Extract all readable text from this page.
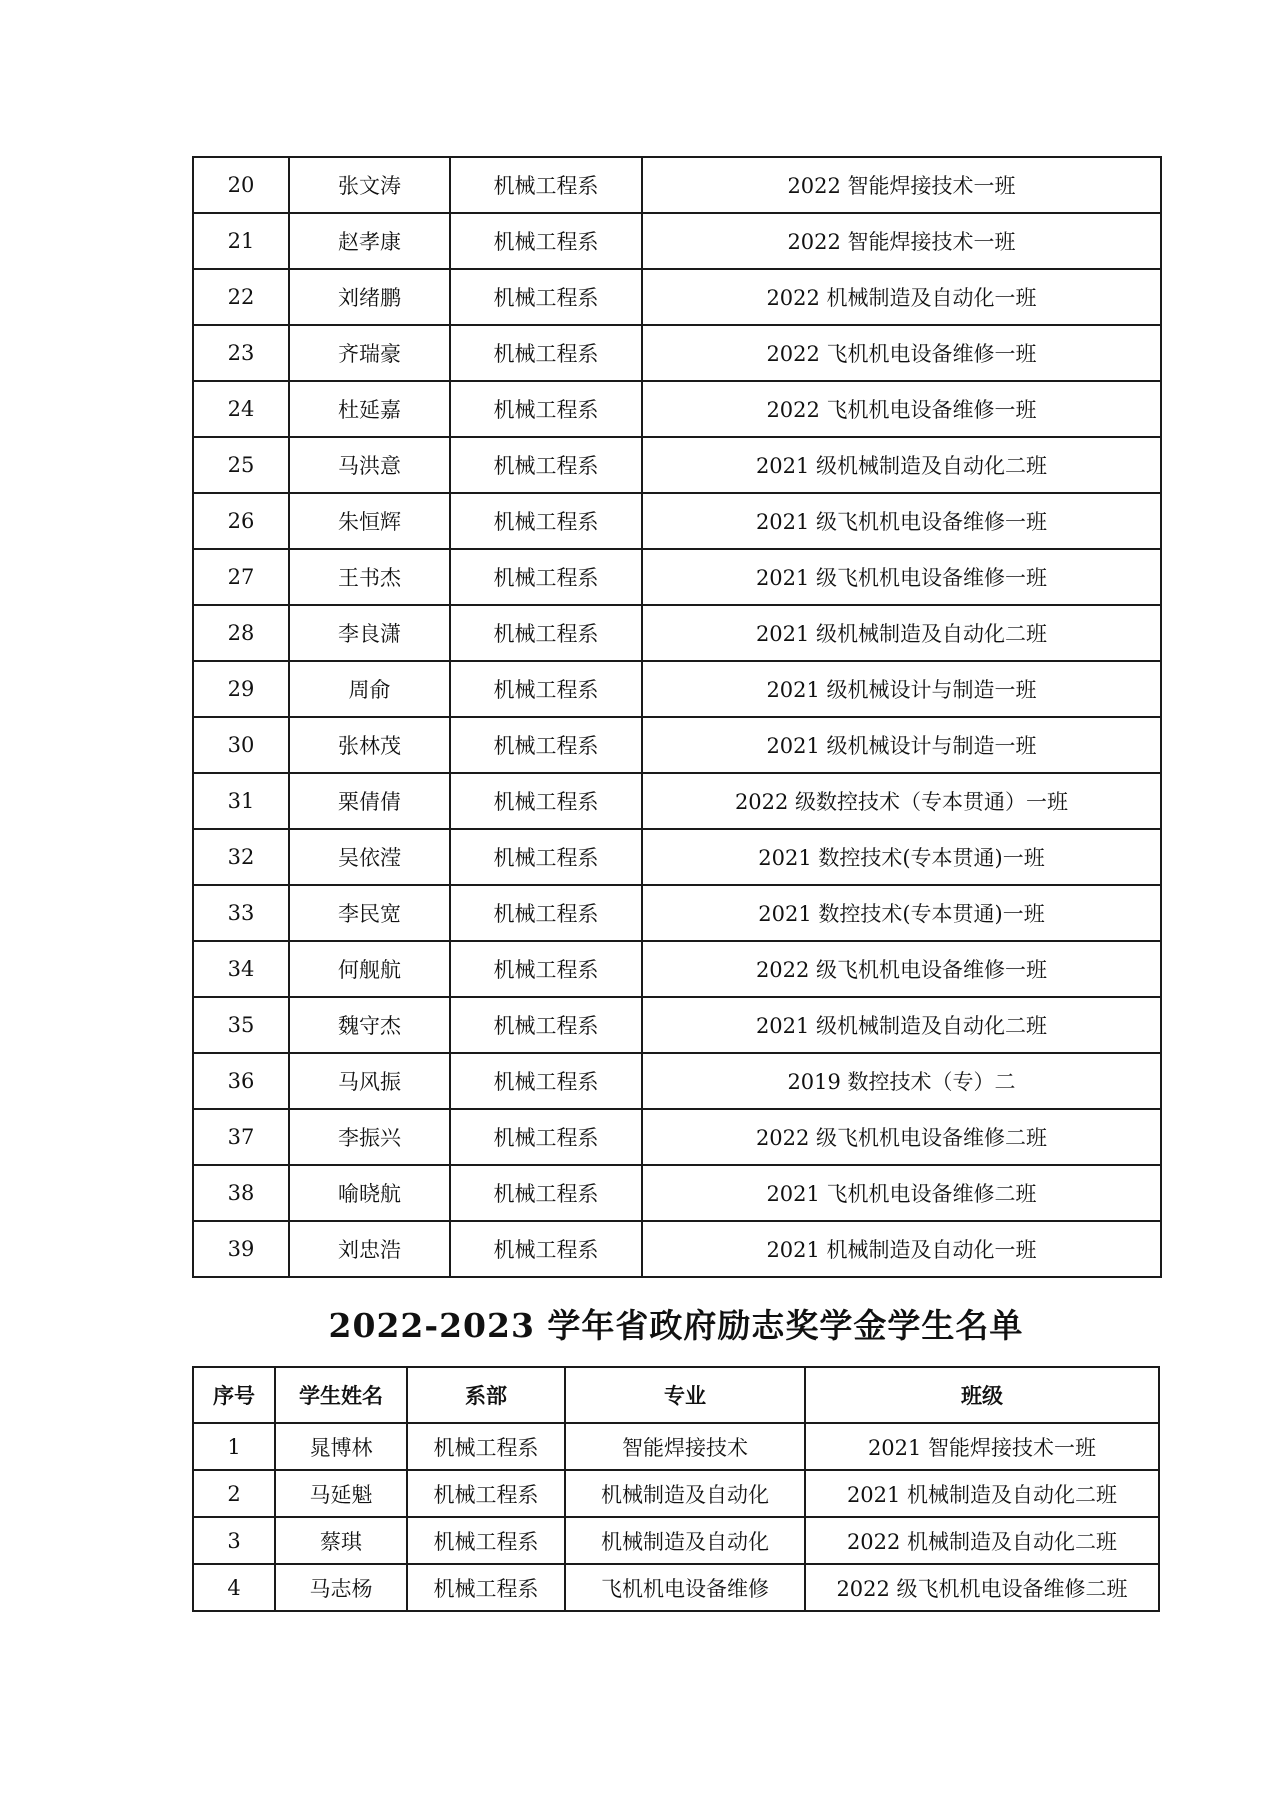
20	张文涛	机械工程系	2022 智能焊接技术一班
21	赵孝康	机械工程系	2022 智能焊接技术一班
22	刘绪鹏	机械工程系	2022 机械制造及自动化一班
23	齐瑞豪	机械工程系	2022 飞机机电设备维修一班
24	杜延嘉	机械工程系	2022 飞机机电设备维修一班
25	马洪意	机械工程系	2021 级机械制造及自动化二班
26	朱恒辉	机械工程系	2021 级飞机机电设备维修一班
27	王书杰	机械工程系	2021 级飞机机电设备维修一班
28	李良潇	机械工程系	2021 级机械制造及自动化二班
29	周俞	机械工程系	2021 级机械设计与制造一班
30	张林茂	机械工程系	2021 级机械设计与制造一班
31	栗倩倩	机械工程系	2022 级数控技术（专本贯通）一班
32	吴依滢	机械工程系	2021 数控技术(专本贯通)一班
33	李民宽	机械工程系	2021 数控技术(专本贯通)一班
34	何舰航	机械工程系	2022 级飞机机电设备维修一班
35	魏守杰	机械工程系	2021 级机械制造及自动化二班
36	马风振	机械工程系	2019 数控技术（专）二
37	李振兴	机械工程系	2022 级飞机机电设备维修二班
38	喻晓航	机械工程系	2021 飞机机电设备维修二班
39	刘忠浩	机械工程系	2021 机械制造及自动化一班
2022-2023 学年省政府励志奖学金学生名单
序号	学生姓名	系部	专业	班级
1	晁博林	机械工程系	智能焊接技术	2021 智能焊接技术一班
2	马延魁	机械工程系	机械制造及自动化	2021 机械制造及自动化二班
3	蔡琪	机械工程系	机械制造及自动化	2022 机械制造及自动化二班
4	马志杨	机械工程系	飞机机电设备维修	2022 级飞机机电设备维修二班
